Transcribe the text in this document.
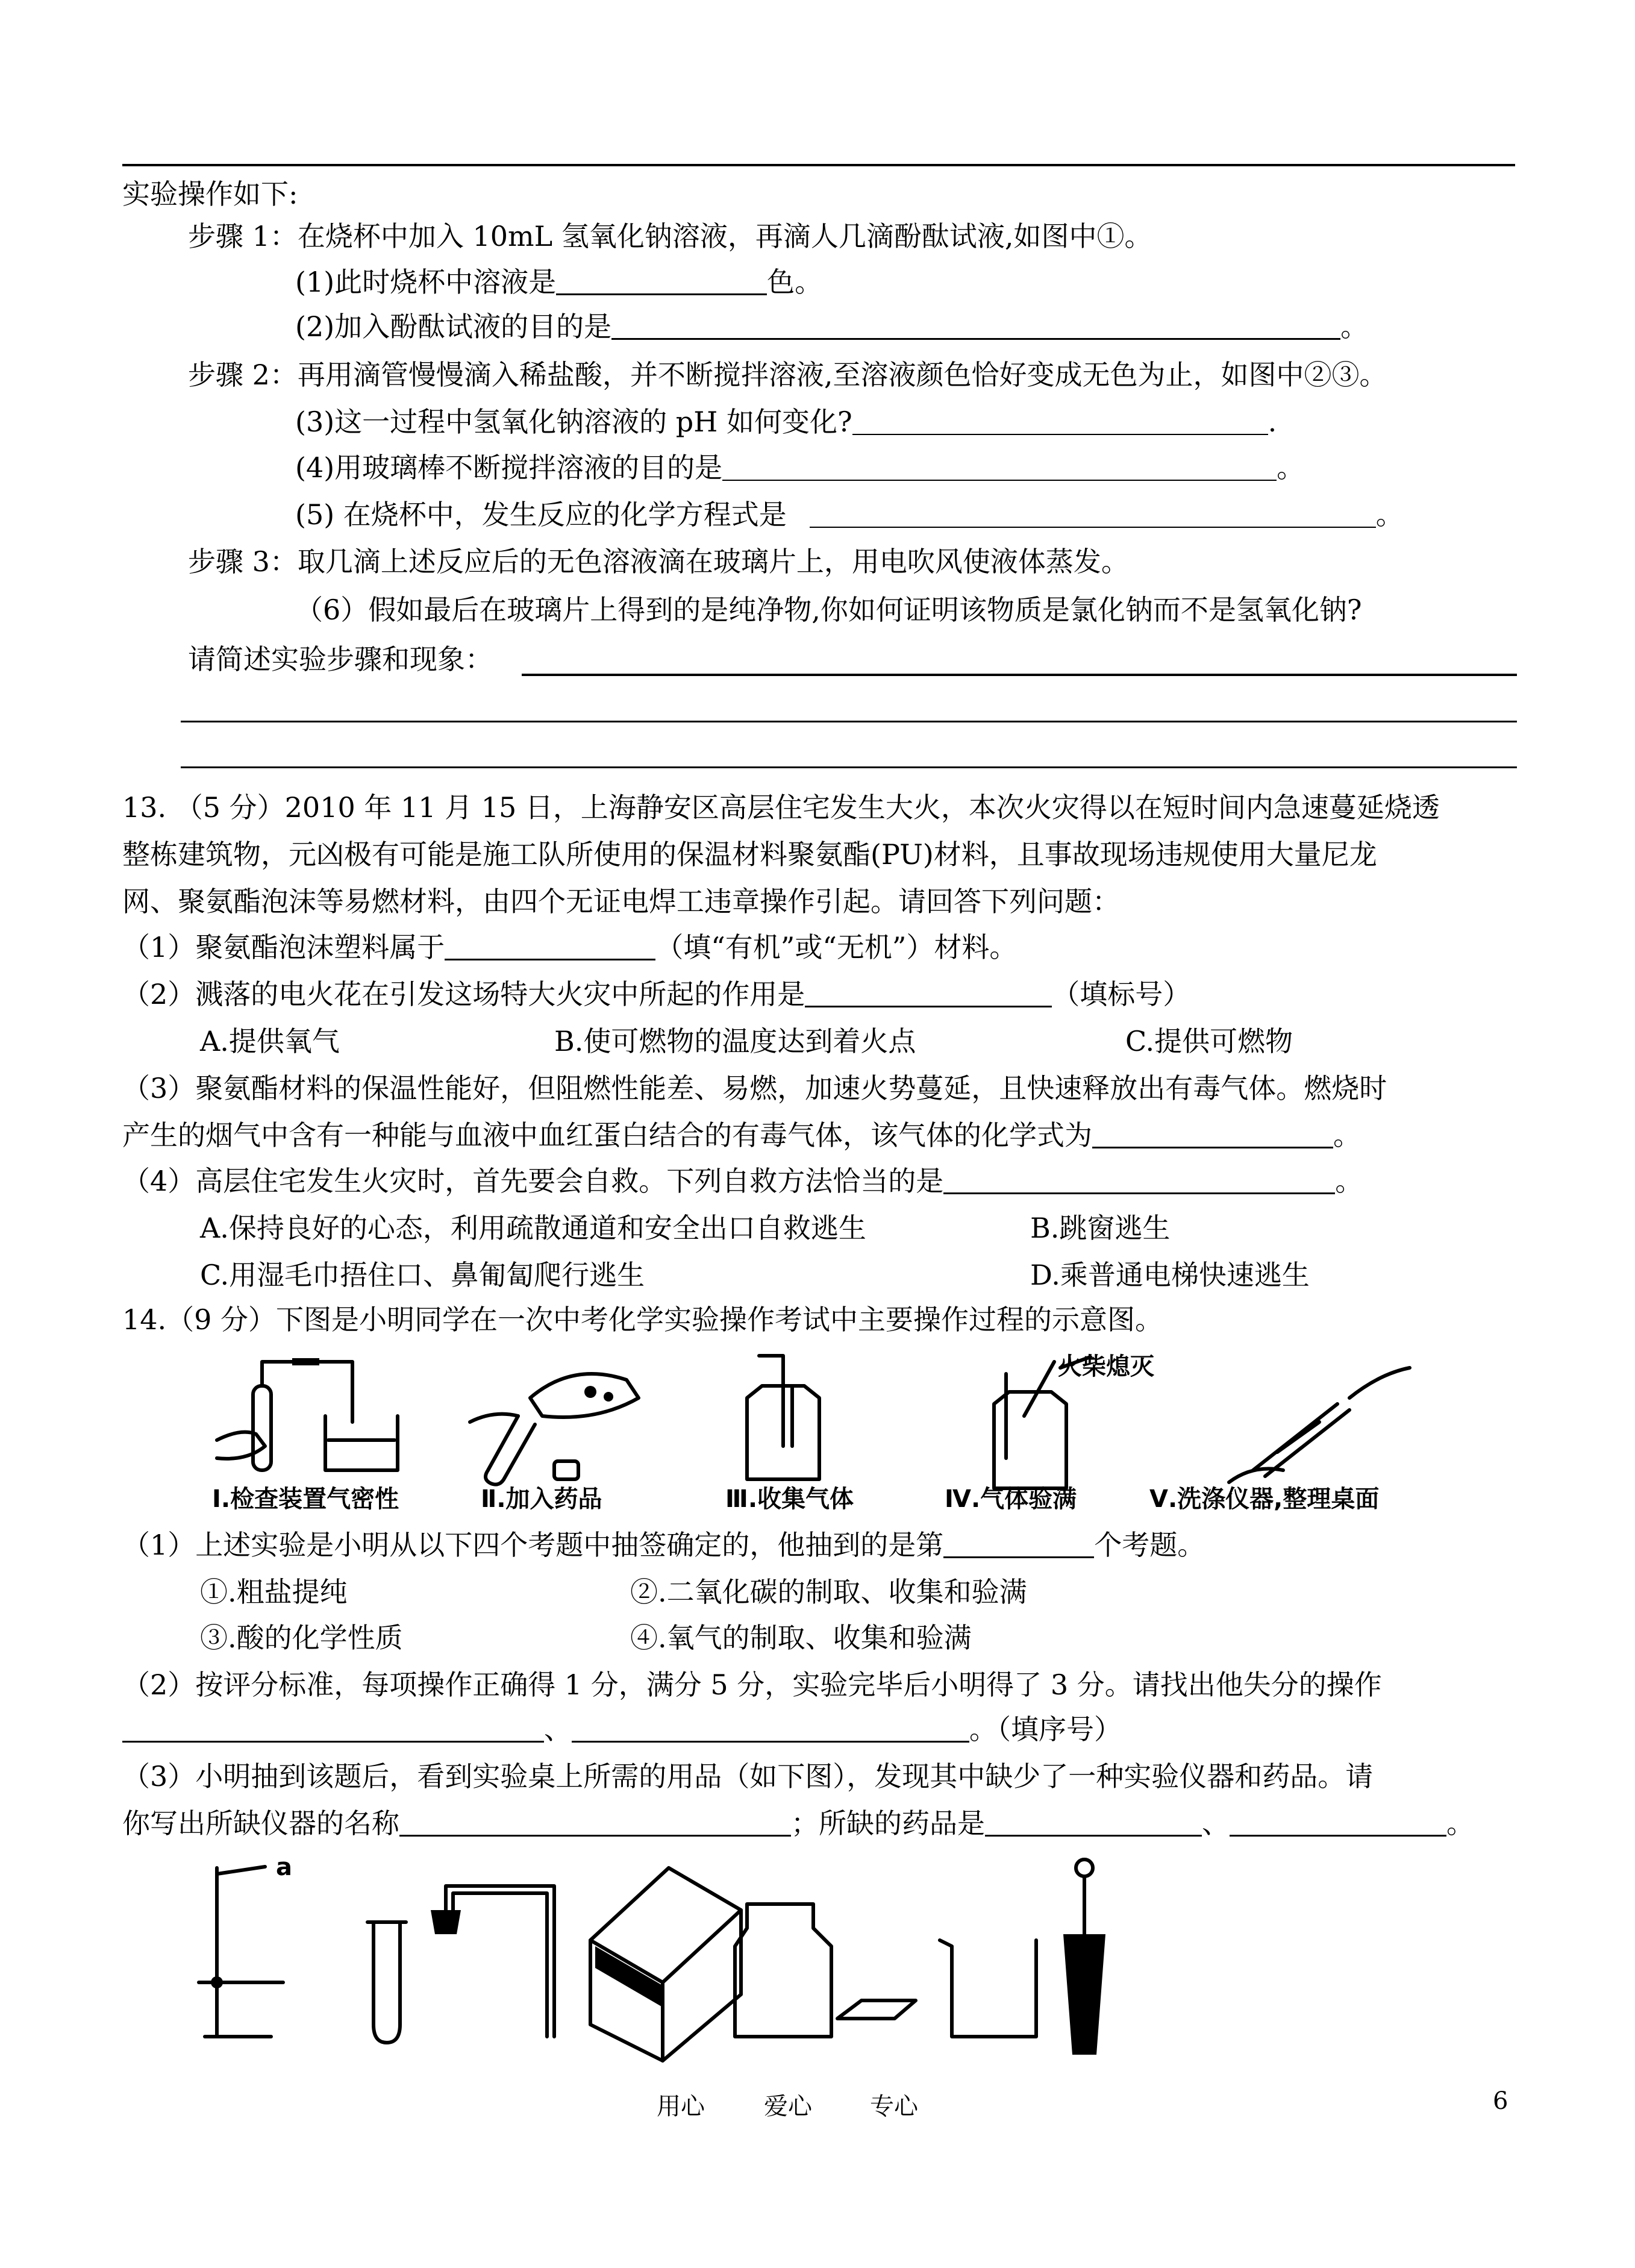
实验操作如下:
步骤 1：在烧杯中加入 10mL 氢氧化钠溶液，再滴人几滴酚酞试液,如图中①。
(1)此时烧杯中溶液是	色。
(2)加入酚酞试液的目的是	。
步骤 2：再用滴管慢慢滴入稀盐酸，并不断搅拌溶液,至溶液颜色恰好变成无色为止，如图中②③。
(3)这一过程中氢氧化钠溶液的 pH 如何变化?	.
(4)用玻璃棒不断搅拌溶液的目的是	。
(5) 在烧杯中，发生反应的化学方程式是	。
步骤 3：取几滴上述反应后的无色溶液滴在玻璃片上，用电吹风使液体蒸发。
（6）假如最后在玻璃片上得到的是纯净物,你如何证明该物质是氯化钠而不是氢氧化钠?
请简述实验步骤和现象：
13. （5 分）2010 年 11 月 15 日，上海静安区高层住宅发生大火，本次火灾得以在短时间内急速蔓延烧透
整栋建筑物，元凶极有可能是施工队所使用的保温材料聚氨酯(PU)材料，且事故现场违规使用大量尼龙
网、聚氨酯泡沫等易燃材料，由四个无证电焊工违章操作引起。请回答下列问题：
（1）聚氨酯泡沫塑料属于	（填“有机”或“无机”）材料。
（2）溅落的电火花在引发这场特大火灾中所起的作用是	（填标号）
A.提供氧气	B.使可燃物的温度达到着火点	C.提供可燃物
（3）聚氨酯材料的保温性能好，但阻燃性能差、易燃，加速火势蔓延，且快速释放出有毒气体。燃烧时
产生的烟气中含有一种能与血液中血红蛋白结合的有毒气体，该气体的化学式为	。
（4）高层住宅发生火灾时，首先要会自救。下列自救方法恰当的是	。
A.保持良好的心态，利用疏散通道和安全出口自救逃生	B.跳窗逃生
C.用湿毛巾捂住口、鼻匍匐爬行逃生	D.乘普通电梯快速逃生
14.（9 分）下图是小明同学在一次中考化学实验操作考试中主要操作过程的示意图。
火柴熄灭
Ⅰ.检查装置气密性	Ⅱ.加入药品	Ⅲ.收集气体	Ⅳ.气体验满	Ⅴ.洗涤仪器,整理桌面
（1）上述实验是小明从以下四个考题中抽签确定的，他抽到的是第	个考题。
①.粗盐提纯	②.二氧化碳的制取、收集和验满
③.酸的化学性质	④.氧气的制取、收集和验满
（2）按评分标准，每项操作正确得 1 分，满分 5 分，实验完毕后小明得了 3 分。请找出他失分的操作
、	。（填序号）
（3）小明抽到该题后，看到实验桌上所需的用品（如下图），发现其中缺少了一种实验仪器和药品。请
你写出所缺仪器的名称	；所缺的药品是	、	。
a
用心 爱心 专心	6
